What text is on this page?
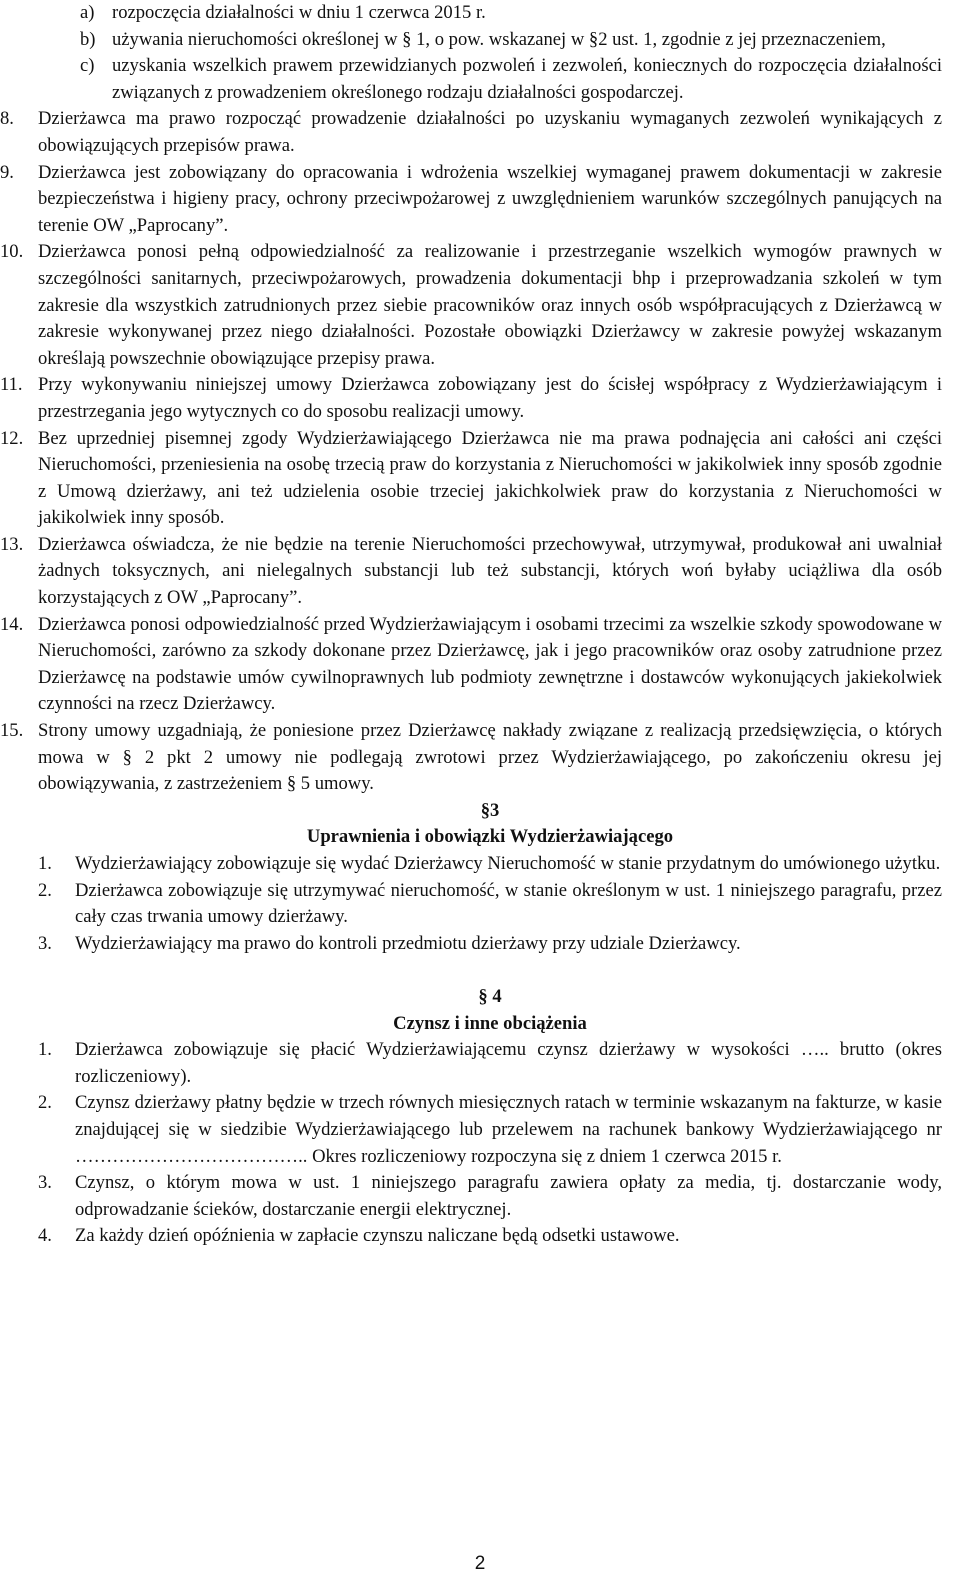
a) rozpoczęcia działalności w dniu 1 czerwca 2015 r.

b) używania nieruchomości określonej w § 1, o pow. wskazanej w §2 ust. 1, zgodnie z jej przeznaczeniem,

c) uzyskania wszelkich prawem przewidzianych pozwoleń i zezwoleń, koniecznych do rozpoczęcia działalności związanych z prowadzeniem określonego rodzaju działalności gospodarczej.

8. Dzierżawca ma prawo rozpocząć prowadzenie działalności po uzyskaniu wymaganych zezwoleń wynikających z obowiązujących przepisów prawa.

9. Dzierżawca jest zobowiązany do opracowania i wdrożenia wszelkiej wymaganej prawem dokumentacji w zakresie bezpieczeństwa i higieny pracy, ochrony przeciwpożarowej z uwzględnieniem warunków szczególnych panujących na terenie OW „Paprocany”.

10. Dzierżawca ponosi pełną odpowiedzialność za realizowanie i przestrzeganie wszelkich wymogów prawnych w szczególności sanitarnych, przeciwpożarowych, prowadzenia dokumentacji bhp i przeprowadzania szkoleń w tym zakresie dla wszystkich zatrudnionych przez siebie pracowników oraz innych osób współpracujących z Dzierżawcą w zakresie wykonywanej przez niego działalności. Pozostałe obowiązki Dzierżawcy w zakresie powyżej wskazanym określają powszechnie obowiązujące przepisy prawa.

11. Przy wykonywaniu niniejszej umowy Dzierżawca zobowiązany jest do ścisłej współpracy z Wydzierżawiającym i przestrzegania jego wytycznych co do sposobu realizacji umowy.

12. Bez uprzedniej pisemnej zgody Wydzierżawiającego Dzierżawca nie ma prawa podnajęcia ani całości ani części Nieruchomości, przeniesienia na osobę trzecią praw do korzystania z Nieruchomości w jakikolwiek inny sposób zgodnie z Umową dzierżawy, ani też udzielenia osobie trzeciej jakichkolwiek praw do korzystania z Nieruchomości w jakikolwiek inny sposób.

13. Dzierżawca oświadcza, że nie będzie na terenie Nieruchomości przechowywał, utrzymywał, produkował ani uwalniał żadnych toksycznych, ani nielegalnych substancji lub też substancji, których woń byłaby uciążliwa dla osób korzystających z OW „Paprocany”.

14. Dzierżawca ponosi odpowiedzialność przed Wydzierżawiającym i osobami trzecimi za wszelkie szkody spowodowane w Nieruchomości, zarówno za szkody dokonane przez Dzierżawcę, jak i jego pracowników oraz osoby zatrudnione przez Dzierżawcę na podstawie umów cywilnoprawnych lub podmioty zewnętrzne i dostawców wykonujących jakiekolwiek czynności na rzecz Dzierżawcy.

15. Strony umowy uzgadniają, że poniesione przez Dzierżawcę nakłady związane z realizacją przedsięwzięcia, o których mowa w § 2 pkt 2 umowy nie podlegają zwrotowi przez Wydzierżawiającego, po zakończeniu okresu jej obowiązywania, z zastrzeżeniem § 5 umowy.

§3

Uprawnienia i obowiązki Wydzierżawiającego

1. Wydzierżawiający zobowiązuje się wydać Dzierżawcy Nieruchomość w stanie przydatnym do umówionego użytku.

2. Dzierżawca zobowiązuje się utrzymywać nieruchomość, w stanie określonym w ust. 1 niniejszego paragrafu, przez cały czas trwania umowy dzierżawy.

3. Wydzierżawiający ma prawo do kontroli przedmiotu dzierżawy przy udziale Dzierżawcy.

§ 4

Czynsz i inne obciążenia

1. Dzierżawca zobowiązuje się płacić Wydzierżawiającemu czynsz dzierżawy w wysokości ….. brutto (okres rozliczeniowy).

2. Czynsz dzierżawy płatny będzie w trzech równych miesięcznych ratach w terminie wskazanym na fakturze, w kasie znajdującej się w siedzibie Wydzierżawiającego lub przelewem na rachunek bankowy Wydzierżawiającego nr ……………………………….. Okres rozliczeniowy rozpoczyna się z dniem 1 czerwca 2015 r.

3. Czynsz, o którym mowa w ust. 1 niniejszego paragrafu zawiera opłaty za media, tj. dostarczanie wody, odprowadzanie ścieków, dostarczanie energii elektrycznej.

4. Za każdy dzień opóźnienia w zapłacie czynszu naliczane będą odsetki ustawowe.

2
